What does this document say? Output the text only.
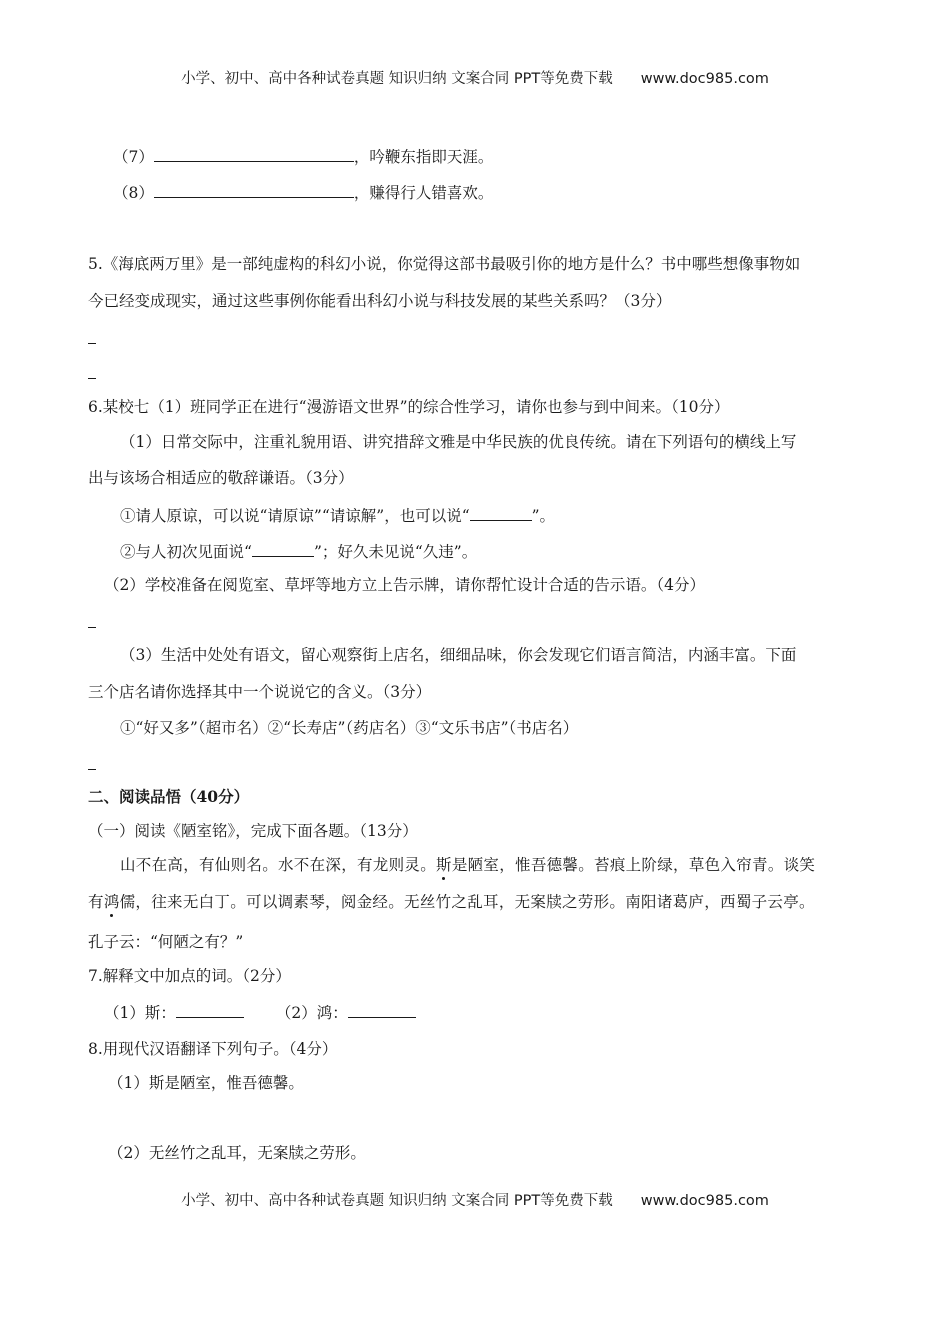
小学、初中、高中各种试卷真题 知识归纳 文案合同 PPT等免费下载 www.doc985.com
（7）	，吟鞭东指即天涯。
（8）	，赚得行人错喜欢。
5.《海底两万里》是一部纯虚构的科幻小说，你觉得这部书最吸引你的地方是什么？书中哪些想像事物如
今已经变成现实，通过这些事例你能看出科幻小说与科技发展的某些关系吗？（3分）
6.某校七（1）班同学正在进行“漫游语文世界”的综合性学习，请你也参与到中间来。（10分）
（1）日常交际中，注重礼貌用语、讲究措辞文雅是中华民族的优良传统。请在下列语句的横线上写
出与该场合相适应的敬辞谦语。（3分）
①请人原谅，可以说“请原谅”“请谅解”，也可以说“	”。
②与人初次见面说“	”；好久未见说“久违”。
（2）学校准备在阅览室、草坪等地方立上告示牌，请你帮忙设计合适的告示语。（4分）
（3）生活中处处有语文，留心观察街上店名，细细品味，你会发现它们语言简洁，内涵丰富。下面
三个店名请你选择其中一个说说它的含义。（3分）
①“好又多”（超市名）②“长寿店”（药店名）③“文乐书店”（书店名）
二、阅读品悟（40分）
（一）阅读《陋室铭》，完成下面各题。（13分）
山不在高，有仙则名。水不在深，有龙则灵。斯是陋室，惟吾德馨。苔痕上阶绿，草色入帘青。谈笑
有鸿儒，往来无白丁。可以调素琴，阅金经。无丝竹之乱耳，无案牍之劳形。南阳诸葛庐，西蜀子云亭。
孔子云：“何陋之有？”
7.解释文中加点的词。（2分）
（1）斯：	（2）鸿：
8.用现代汉语翻译下列句子。（4分）
（1）斯是陋室，惟吾德馨。
（2）无丝竹之乱耳，无案牍之劳形。
小学、初中、高中各种试卷真题 知识归纳 文案合同 PPT等免费下载 www.doc985.com
